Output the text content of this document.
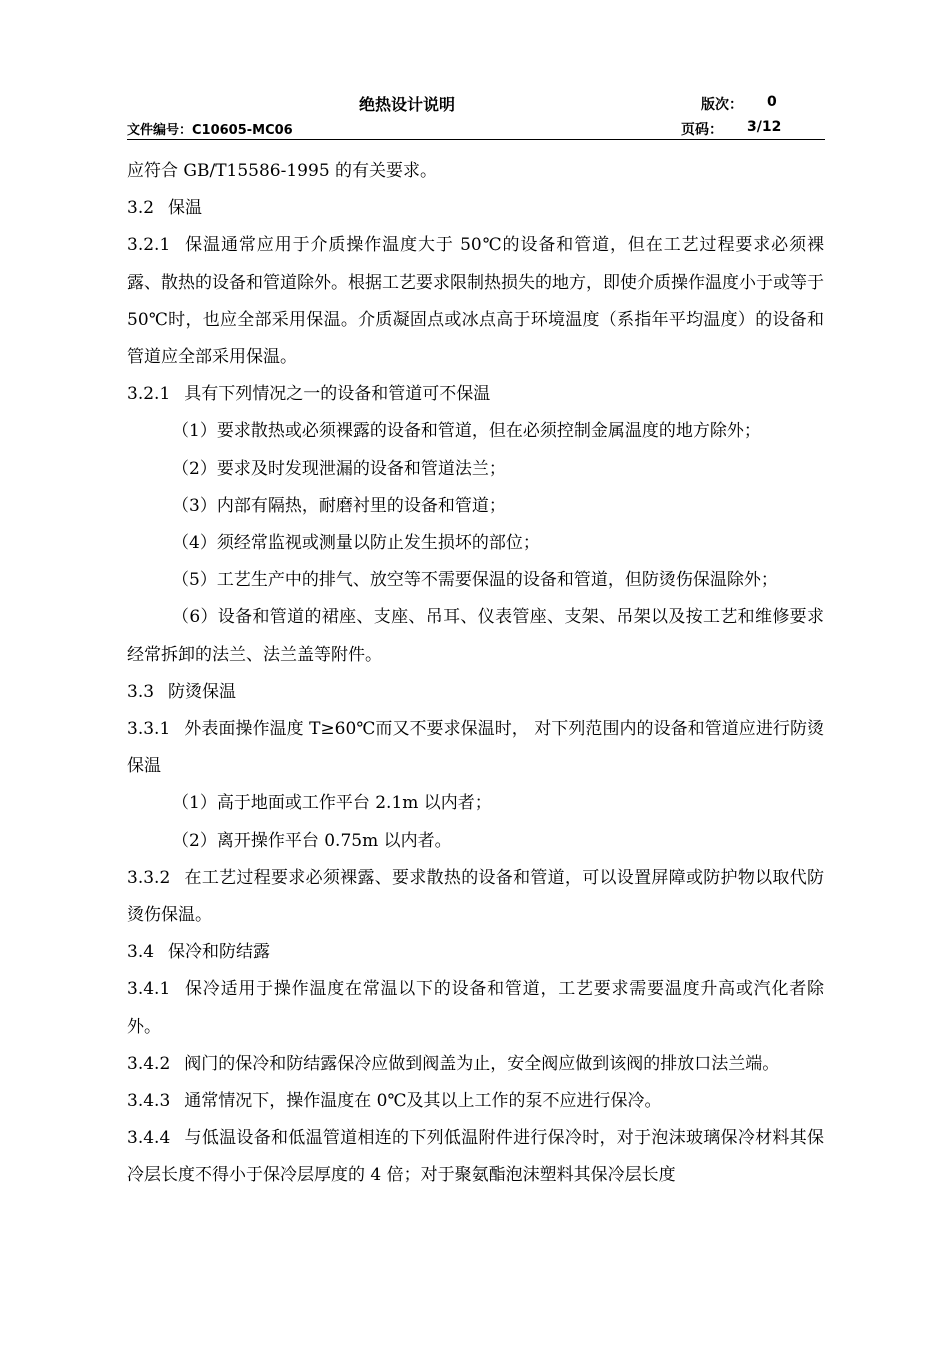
绝热设计说明	版次： 0
文件编号：C10605-MC06	页码： 3/12

应符合 GB/T15586-1995 的有关要求。

3.2 保温

3.2.1 保温通常应用于介质操作温度大于 50℃的设备和管道，但在工艺过程要求必须裸露、散热的设备和管道除外。根据工艺要求限制热损失的地方，即使介质操作温度小于或等于 50℃时，也应全部采用保温。介质凝固点或冰点高于环境温度（系指年平均温度）的设备和管道应全部采用保温。

3.2.1 具有下列情况之一的设备和管道可不保温

（1）要求散热或必须裸露的设备和管道，但在必须控制金属温度的地方除外；

（2）要求及时发现泄漏的设备和管道法兰；

（3）内部有隔热，耐磨衬里的设备和管道；

（4）须经常监视或测量以防止发生损坏的部位；

（5）工艺生产中的排气、放空等不需要保温的设备和管道，但防烫伤保温除外；

（6）设备和管道的裙座、支座、吊耳、仪表管座、支架、吊架以及按工艺和维修要求经常拆卸的法兰、法兰盖等附件。

3.3 防烫保温

3.3.1 外表面操作温度 T≥60℃而又不要求保温时， 对下列范围内的设备和管道应进行防烫保温

（1）高于地面或工作平台 2.1m 以内者；

（2）离开操作平台 0.75m 以内者。

3.3.2 在工艺过程要求必须裸露、要求散热的设备和管道，可以设置屏障或防护物以取代防烫伤保温。

3.4 保冷和防结露

3.4.1 保冷适用于操作温度在常温以下的设备和管道，工艺要求需要温度升高或汽化者除外。

3.4.2 阀门的保冷和防结露保冷应做到阀盖为止，安全阀应做到该阀的排放口法兰端。

3.4.3 通常情况下，操作温度在 0℃及其以上工作的泵不应进行保冷。

3.4.4 与低温设备和低温管道相连的下列低温附件进行保冷时，对于泡沫玻璃保冷材料其保冷层长度不得小于保冷层厚度的 4 倍；对于聚氨酯泡沫塑料其保冷层长度
